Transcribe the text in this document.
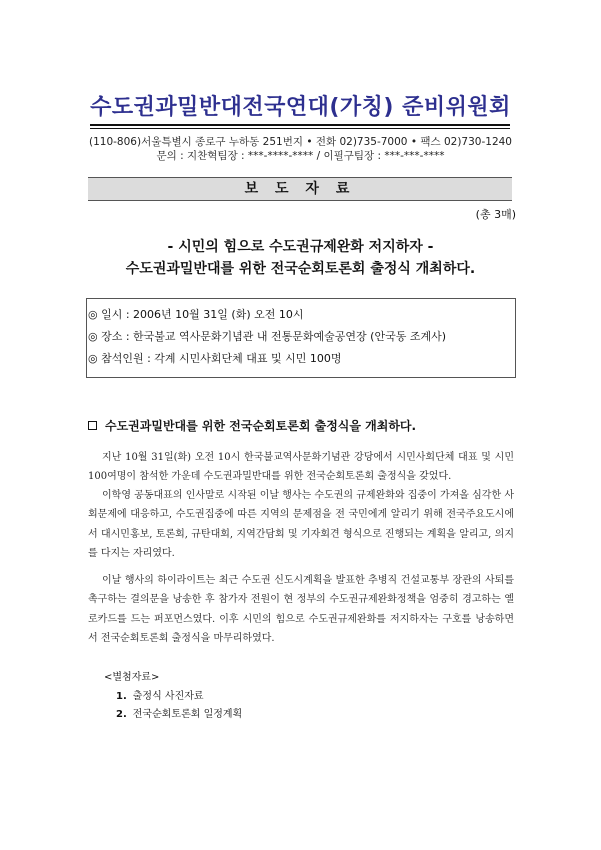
수도권과밀반대전국연대(가칭) 준비위원회
(110-806)서울특별시 종로구 누하동 251번지 • 전화 02)735-7000 • 팩스 02)730-1240
문의 : 지찬혁팀장 : ***-****-**** / 이필구팀장 : ***-***-****
보 도 자 료
(총 3매)
- 시민의 힘으로 수도권규제완화 저지하자 -
수도권과밀반대를 위한 전국순회토론회 출정식 개최하다.
◎ 일시 : 2006년 10월 31일 (화) 오전 10시
◎ 장소 : 한국불교 역사문화기념관 내 전통문화예술공연장 (안국동 조계사)
◎ 참석인원 : 각계 시민사회단체 대표 및 시민 100명
수도권과밀반대를 위한 전국순회토론회 출정식을 개최하다.
지난 10월 31일(화) 오전 10시 한국불교역사문화기념관 강당에서 시민사회단체 대표 및 시민 100여명이 참석한 가운데 수도권과밀반대를 위한 전국순회토론회 출정식을 갖었다.
이학영 공동대표의 인사말로 시작된 이날 행사는 수도권의 규제완화와 집중이 가져올 심각한 사회문제에 대응하고, 수도권집중에 따른 지역의 문제점을 전 국민에게 알리기 위해 전국주요도시에서 대시민홍보, 토론회, 규탄대회, 지역간담회 및 기자회견 형식으로 진행되는 계획을 알리고, 의지를 다지는 자리였다.
이날 행사의 하이라이트는 최근 수도권 신도시계획을 발표한 추병직 건설교통부 장관의 사퇴를 촉구하는 결의문을 낭송한 후 참가자 전원이 현 정부의 수도권규제완화정책을 엄중히 경고하는 옐로카드를 드는 퍼포먼스였다. 이후 시민의 힘으로 수도권규제완화를 저지하자는 구호를 낭송하면서 전국순회토론회 출정식을 마무리하였다.
<별첨자료>
1. 출정식 사진자료
2. 전국순회토론회 일정계획
